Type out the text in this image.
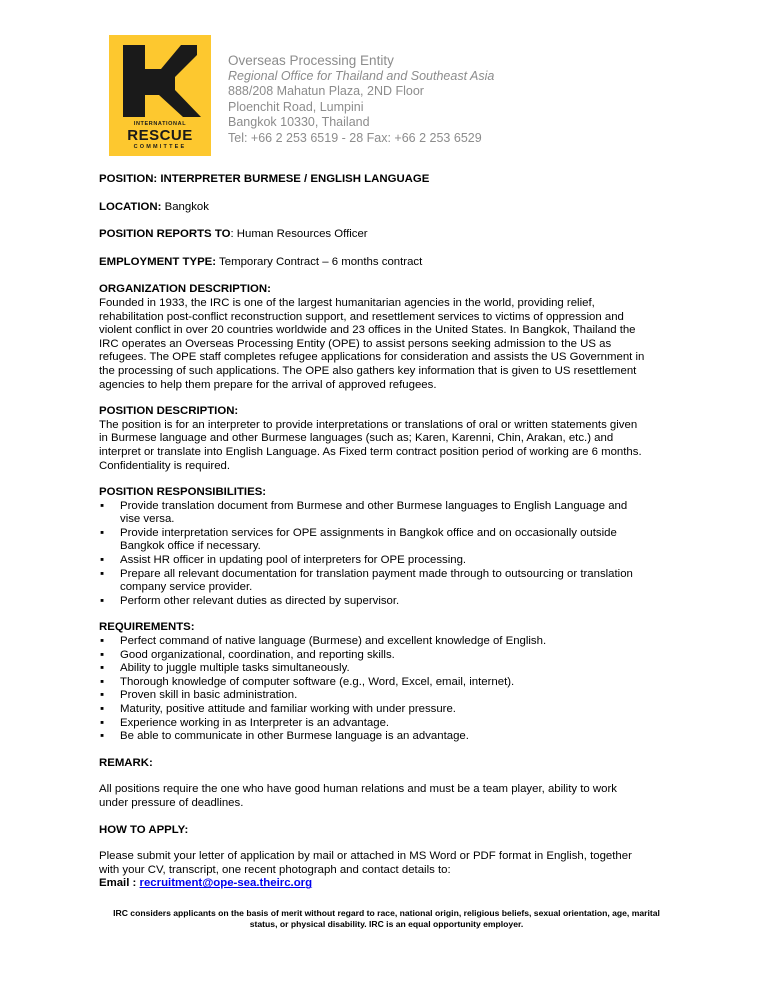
INTERNATIONAL
RESCUE
COMMITTEE
Overseas Processing Entity
Regional Office for Thailand and Southeast Asia
888/208 Mahatun Plaza, 2ND Floor
Ploenchit Road, Lumpini
Bangkok 10330, Thailand
Tel: +66 2 253 6519 - 28 Fax: +66 2 253 6529
POSITION: INTERPRETER BURMESE / ENGLISH LANGUAGE
LOCATION: Bangkok
POSITION REPORTS TO: Human Resources Officer
EMPLOYMENT TYPE: Temporary Contract – 6 months contract
ORGANIZATION DESCRIPTION:
Founded in 1933, the IRC is one of the largest humanitarian agencies in the world, providing relief,
rehabilitation post-conflict reconstruction support, and resettlement services to victims of oppression and
violent conflict in over 20 countries worldwide and 23 offices in the United States. In Bangkok, Thailand the
IRC operates an Overseas Processing Entity (OPE) to assist persons seeking admission to the US as
refugees. The OPE staff completes refugee applications for consideration and assists the US Government in
the processing of such applications. The OPE also gathers key information that is given to US resettlement
agencies to help them prepare for the arrival of approved refugees.
POSITION DESCRIPTION:
The position is for an interpreter to provide interpretations or translations of oral or written statements given
in Burmese language and other Burmese languages (such as; Karen, Karenni, Chin, Arakan, etc.) and
interpret or translate into English Language. As Fixed term contract position period of working are 6 months.
Confidentiality is required.
POSITION RESPONSIBILITIES:
▪ Provide translation document from Burmese and other Burmese languages to English Language and
vise versa.
▪ Provide interpretation services for OPE assignments in Bangkok office and on occasionally outside
Bangkok office if necessary.
▪ Assist HR officer in updating pool of interpreters for OPE processing.
▪ Prepare all relevant documentation for translation payment made through to outsourcing or translation
company service provider.
▪ Perform other relevant duties as directed by supervisor.
REQUIREMENTS:
▪ Perfect command of native language (Burmese) and excellent knowledge of English.
▪ Good organizational, coordination, and reporting skills.
▪ Ability to juggle multiple tasks simultaneously.
▪ Thorough knowledge of computer software (e.g., Word, Excel, email, internet).
▪ Proven skill in basic administration.
▪ Maturity, positive attitude and familiar working with under pressure.
▪ Experience working in as Interpreter is an advantage.
▪ Be able to communicate in other Burmese language is an advantage.
REMARK:
All positions require the one who have good human relations and must be a team player, ability to work
under pressure of deadlines.
HOW TO APPLY:
Please submit your letter of application by mail or attached in MS Word or PDF format in English, together
with your CV, transcript, one recent photograph and contact details to:
Email : recruitment@ope-sea.theirc.org
IRC considers applicants on the basis of merit without regard to race, national origin, religious beliefs, sexual orientation, age, marital
status, or physical disability. IRC is an equal opportunity employer.
